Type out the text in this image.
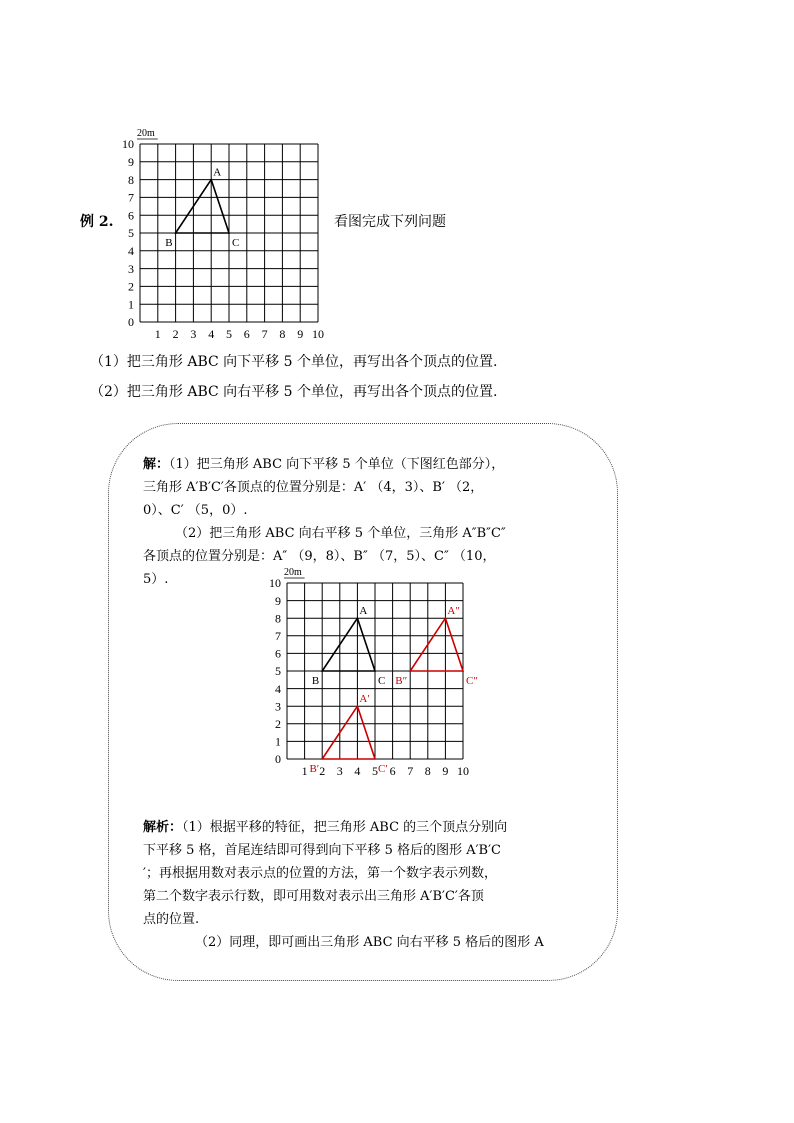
例 2.	看图完成下列问题
20m
0
1
2
3
4
5
6
7
8
9
10
1 2 3 4 5 6 7 8 9 10
A
B	C
（1）把三角形 ABC 向下平移 5 个单位，再写出各个顶点的位置.
（2）把三角形 ABC 向右平移 5 个单位，再写出各个顶点的位置.
解：（1）把三角形 ABC 向下平移 5 个单位（下图红色部分），
三角形 A′B′C′各顶点的位置分别是：A′ （4，3）、B′ （2，
0）、C′ （5，0）.
（2）把三角形 ABC 向右平移 5 个单位，三角形 A″B″C″
各顶点的位置分别是：A″ （9，8）、B″ （7，5）、C″ （10，
5）.	20m
0
1
2
3
4
5
6
7
8
9
10
1 2 3 4 5 6 7 8 9 10
A
B	C
A′
B′	C′
A″
B″	C″
解析：（1）根据平移的特征，把三角形 ABC 的三个顶点分别向
下平移 5 格，首尾连结即可得到向下平移 5 格后的图形 A′B′C
′；再根据用数对表示点的位置的方法，第一个数字表示列数，
第二个数字表示行数，即可用数对表示出三角形 A′B′C′各顶
点的位置.
（2）同理，即可画出三角形 ABC 向右平移 5 格后的图形 A
